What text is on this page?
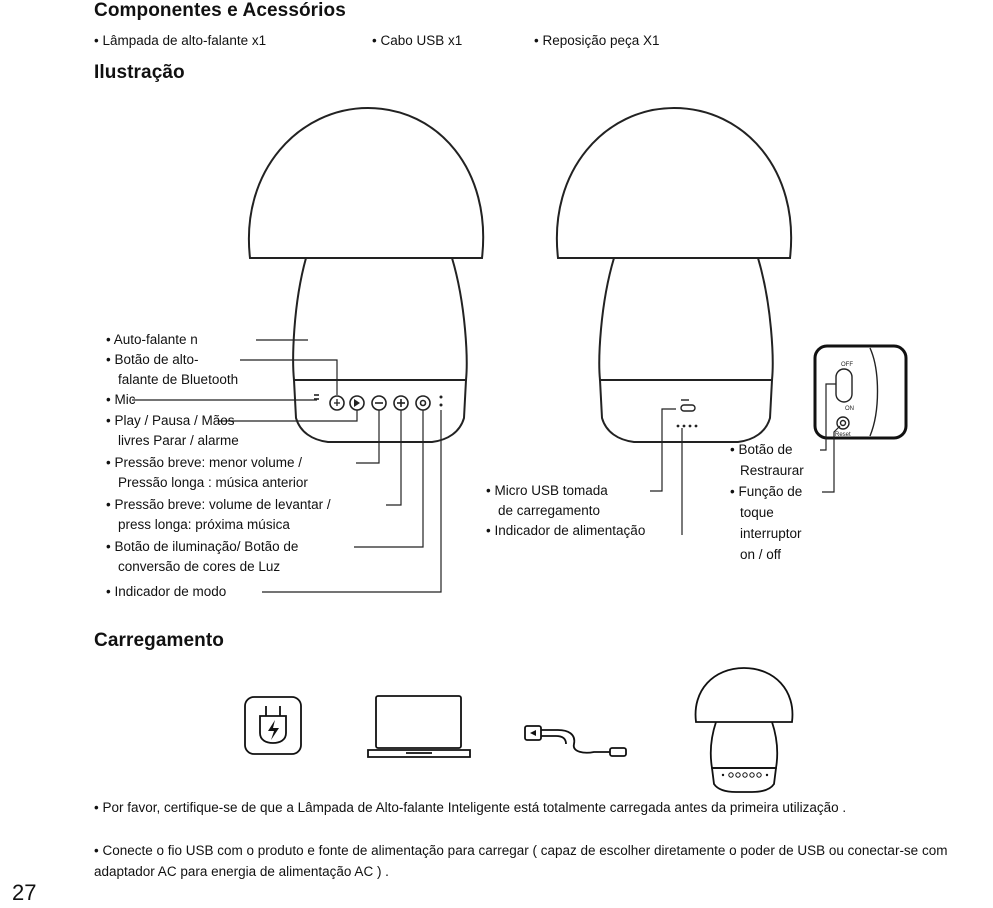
Componentes e Acessórios
• Lâmpada de alto-falante x1	• Cabo USB x1	• Reposição peça X1
Ilustração
OFF
ON
Reset
• Auto-falante n
• Botão de alto-
falante de Bluetooth
• Mic
• Play / Pausa / Mãos
livres Parar / alarme
• Pressão breve: menor volume /
Pressão longa : música anterior
• Pressão breve: volume de levantar /
press longa: próxima música
• Botão de iluminação/ Botão de
conversão de cores de Luz
• Indicador de modo
• Micro USB tomada
de carregamento
• Indicador de alimentação
• Botão de
Restraurar
• Função de
toque
interruptor
on / off
Carregamento
• Por favor, certifique-se de que a Lâmpada de Alto-falante Inteligente está totalmente carregada antes da primeira utilização .
• Conecte o fio USB com o produto e fonte de alimentação para carregar ( capaz de escolher diretamente o poder de USB ou conectar-se com adaptador AC para energia de alimentação AC ) .
27
